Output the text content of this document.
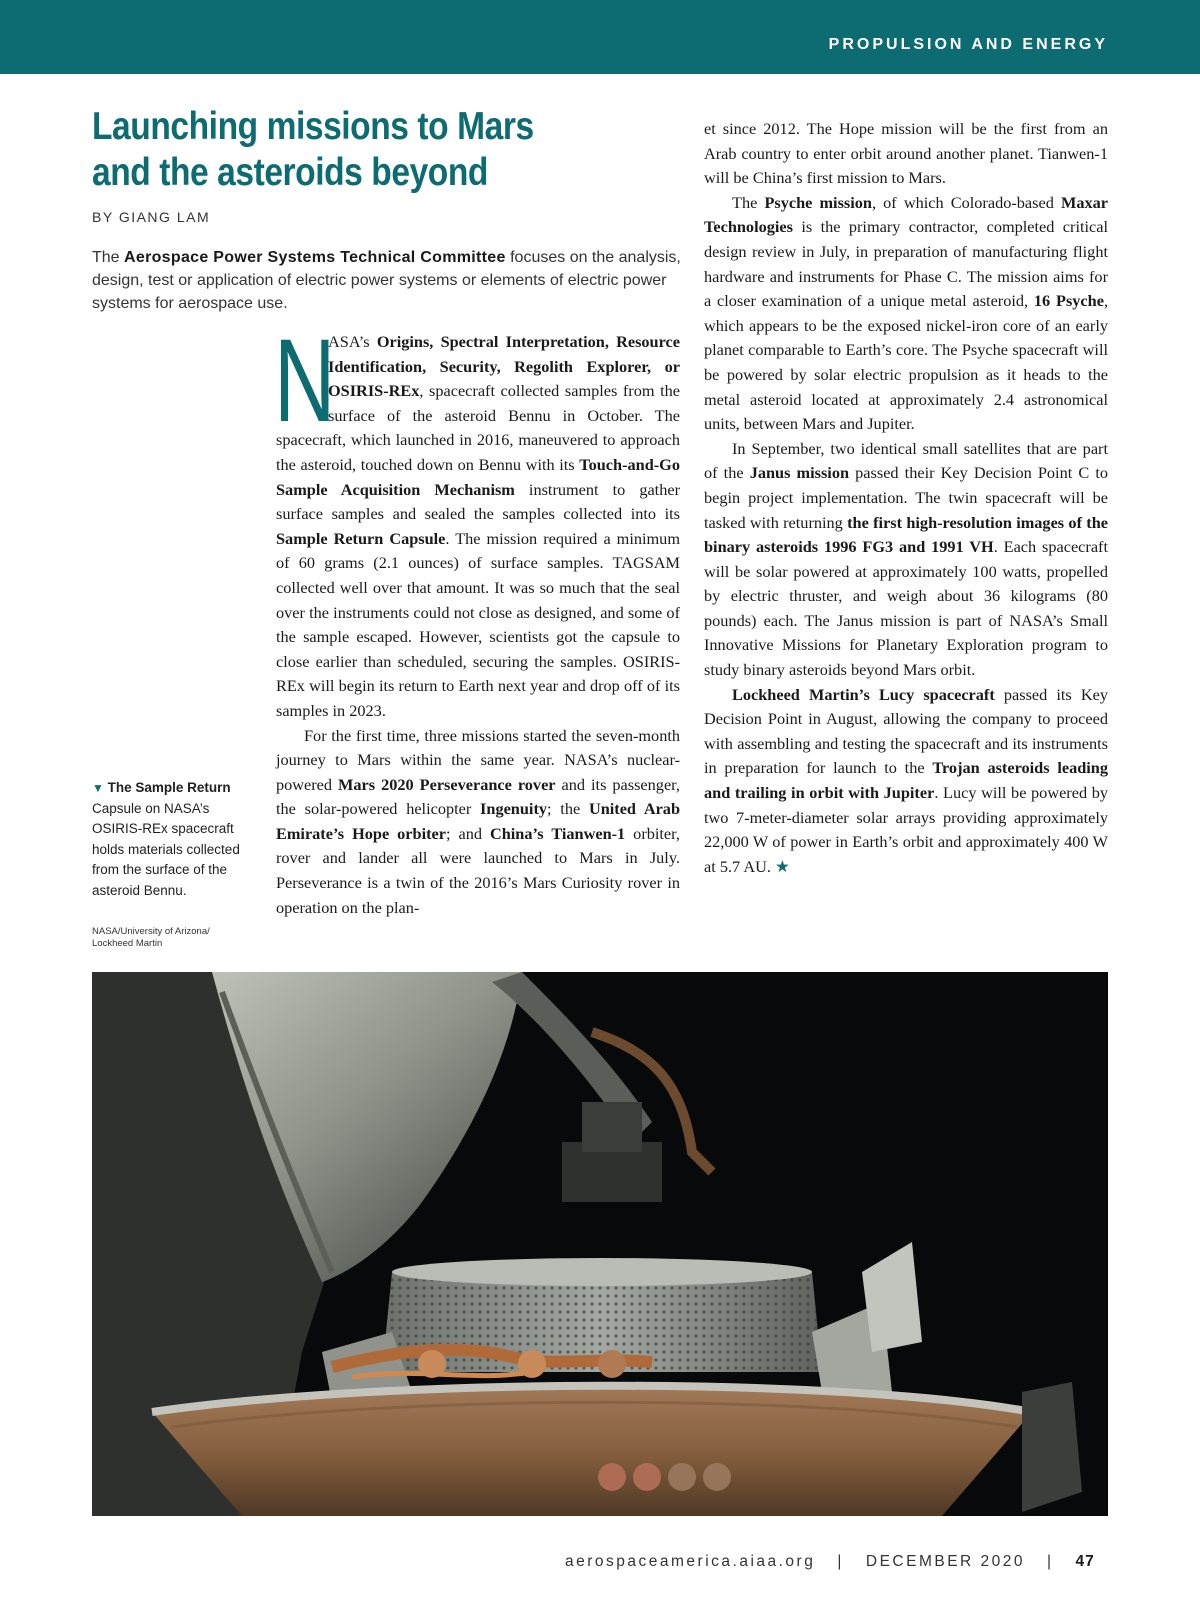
PROPULSION AND ENERGY
Launching missions to Mars and the asteroids beyond
BY GIANG LAM

The Aerospace Power Systems Technical Committee focuses on the analysis, design, test or application of electric power systems or elements of electric power systems for aerospace use.

N
ASA’s Origins, Spectral Interpretation, Resource Identification, Security, Regolith Explorer, or OSIRIS-REx, spacecraft collected samples from the surface of the asteroid Bennu in October. The spacecraft, which launched in 2016, maneuvered to approach the asteroid, touched down on Bennu with its Touch-and-Go Sample Acquisition Mechanism instrument to gather surface samples and sealed the samples collected into its Sample Return Capsule. The mission required a minimum of 60 grams (2.1 ounces) of surface samples. TAGSAM collected well over that amount. It was so much that the seal over the instruments could not close as designed, and some of the sample escaped. However, scientists got the capsule to close earlier than scheduled, securing the samples. OSIRIS-REx will begin its return to Earth next year and drop off of its samples in 2023.

For the first time, three missions started the seven-month journey to Mars within the same year. NASA’s nuclear-powered Mars 2020 Perseverance rover and its passenger, the solar-powered helicopter Ingenuity; the United Arab Emirate’s Hope orbiter; and China’s Tianwen-1 orbiter, rover and lander all were launched to Mars in July. Perseverance is a twin of the 2016’s Mars Curiosity rover in operation on the plan-

et since 2012. The Hope mission will be the first from an Arab country to enter orbit around another planet. Tianwen-1 will be China’s first mission to Mars.

The Psyche mission, of which Colorado-based Maxar Technologies is the primary contractor, completed critical design review in July, in preparation of manufacturing flight hardware and instruments for Phase C. The mission aims for a closer examination of a unique metal asteroid, 16 Psyche, which appears to be the exposed nickel-iron core of an early planet comparable to Earth’s core. The Psyche spacecraft will be powered by solar electric propulsion as it heads to the metal asteroid located at approximately 2.4 astronomical units, between Mars and Jupiter.

In September, two identical small satellites that are part of the Janus mission passed their Key Decision Point C to begin project implementation. The twin spacecraft will be tasked with returning the first high-resolution images of the binary asteroids 1996 FG3 and 1991 VH. Each spacecraft will be solar powered at approximately 100 watts, propelled by electric thruster, and weigh about 36 kilograms (80 pounds) each. The Janus mission is part of NASA’s Small Innovative Missions for Planetary Exploration program to study binary asteroids beyond Mars orbit.

Lockheed Martin’s Lucy spacecraft passed its Key Decision Point in August, allowing the company to proceed with assembling and testing the spacecraft and its instruments in preparation for launch to the Trojan asteroids leading and trailing in orbit with Jupiter. Lucy will be powered by two 7-meter-diameter solar arrays providing approximately 22,000 W of power in Earth’s orbit and approximately 400 W at 5.7 AU. ★

▼ The Sample Return
Capsule on NASA’s OSIRIS-REx spacecraft holds materials collected from the surface of the asteroid Bennu.
NASA/University of Arizona/ Lockheed Martin
aerospaceamerica.aiaa.org | DECEMBER 2020 | 47
